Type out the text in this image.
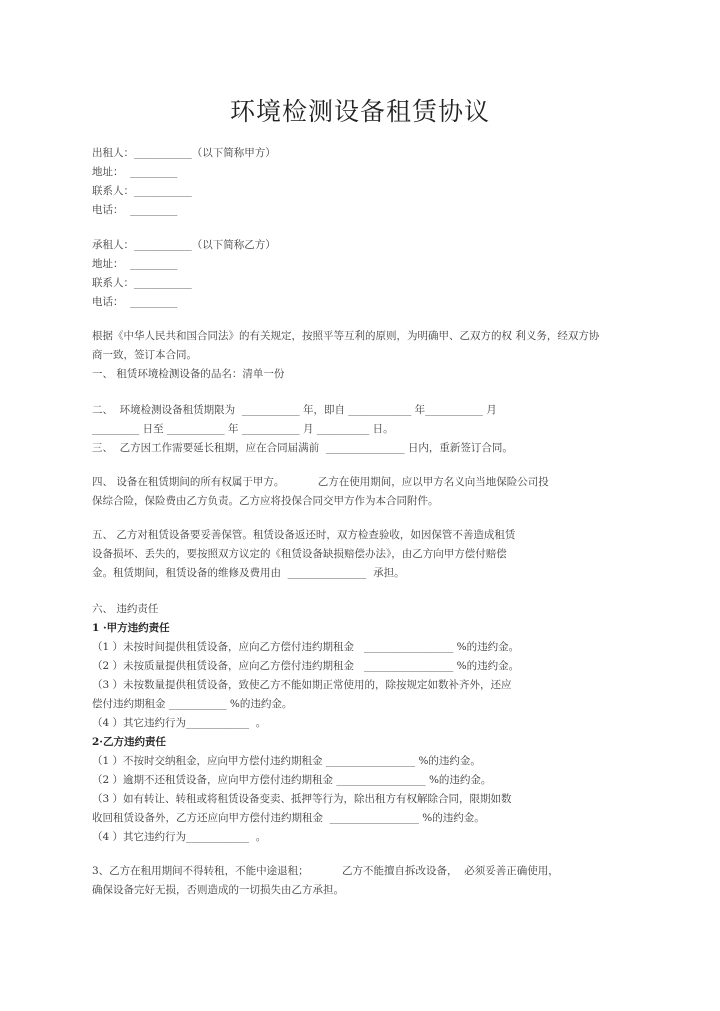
环境检测设备租赁协议
出租人：___________（以下简称甲方）
地址：  _________
联系人：___________
电话：  _________
承租人：___________（以下简称乙方）
地址：  _________
联系人：___________
电话：  _________
根据《中华人民共和国合同法》的有关规定，按照平等互利的原则，为明确甲、乙双方的权 利义务，经双方协
商一致，签订本合同。
一、 租赁环境检测设备的品名：清单一份
二、  环境检测设备租赁期限为  ___________ 年，即自 ____________ 年___________ 月
_________ 日至 ___________ 年 ___________ 月 __________ 日。
三、  乙方因工作需要延长租期，应在合同届满前  _______________ 日内，重新签订合同。
四、 设备在租赁期间的所有权属于甲方。          乙方在使用期间，应以甲方名义向当地保险公司投
保综合险，保险费由乙方负责。乙方应将投保合同交甲方作为本合同附件。
五、 乙方对租赁设备要妥善保管。租赁设备返还时，双方检查验收，如因保管不善造成租赁
设备损坏、丢失的，要按照双方议定的《租赁设备缺损赔偿办法》，由乙方向甲方偿付赔偿
金。租赁期间，租赁设备的维修及费用由  _______________  承担。
六、 违约责任
1 ·甲方违约责任
（1 ）未按时间提供租赁设备，应向乙方偿付违约期租金   _________________ %的违约金。
（2 ）未按质量提供租赁设备，应向乙方偿付违约期租金   _________________ %的违约金。
（3 ）未按数量提供租赁设备，致使乙方不能如期正常使用的，除按规定如数补齐外，还应
偿付违约期租金 ___________ %的违约金。
（4 ）其它违约行为____________  。
2·乙方违约责任
（1 ）不按时交纳租金，应向甲方偿付违约期租金 _________________ %的违约金。
（2 ）逾期不还租赁设备，应向甲方偿付违约期租金 _________________ %的违约金。
（3 ）如有转让、转租或将租赁设备变卖、抵押等行为，除出租方有权解除合同，限期如数
收回租赁设备外，乙方还应向甲方偿付违约期租金  _________________ %的违约金。
（4 ）其它违约行为____________  。
3、乙方在租用期间不得转租，不能中途退租；          乙方不能擅自拆改设备，  必须妥善正确使用，
确保设备完好无损，否则造成的一切损失由乙方承担。
